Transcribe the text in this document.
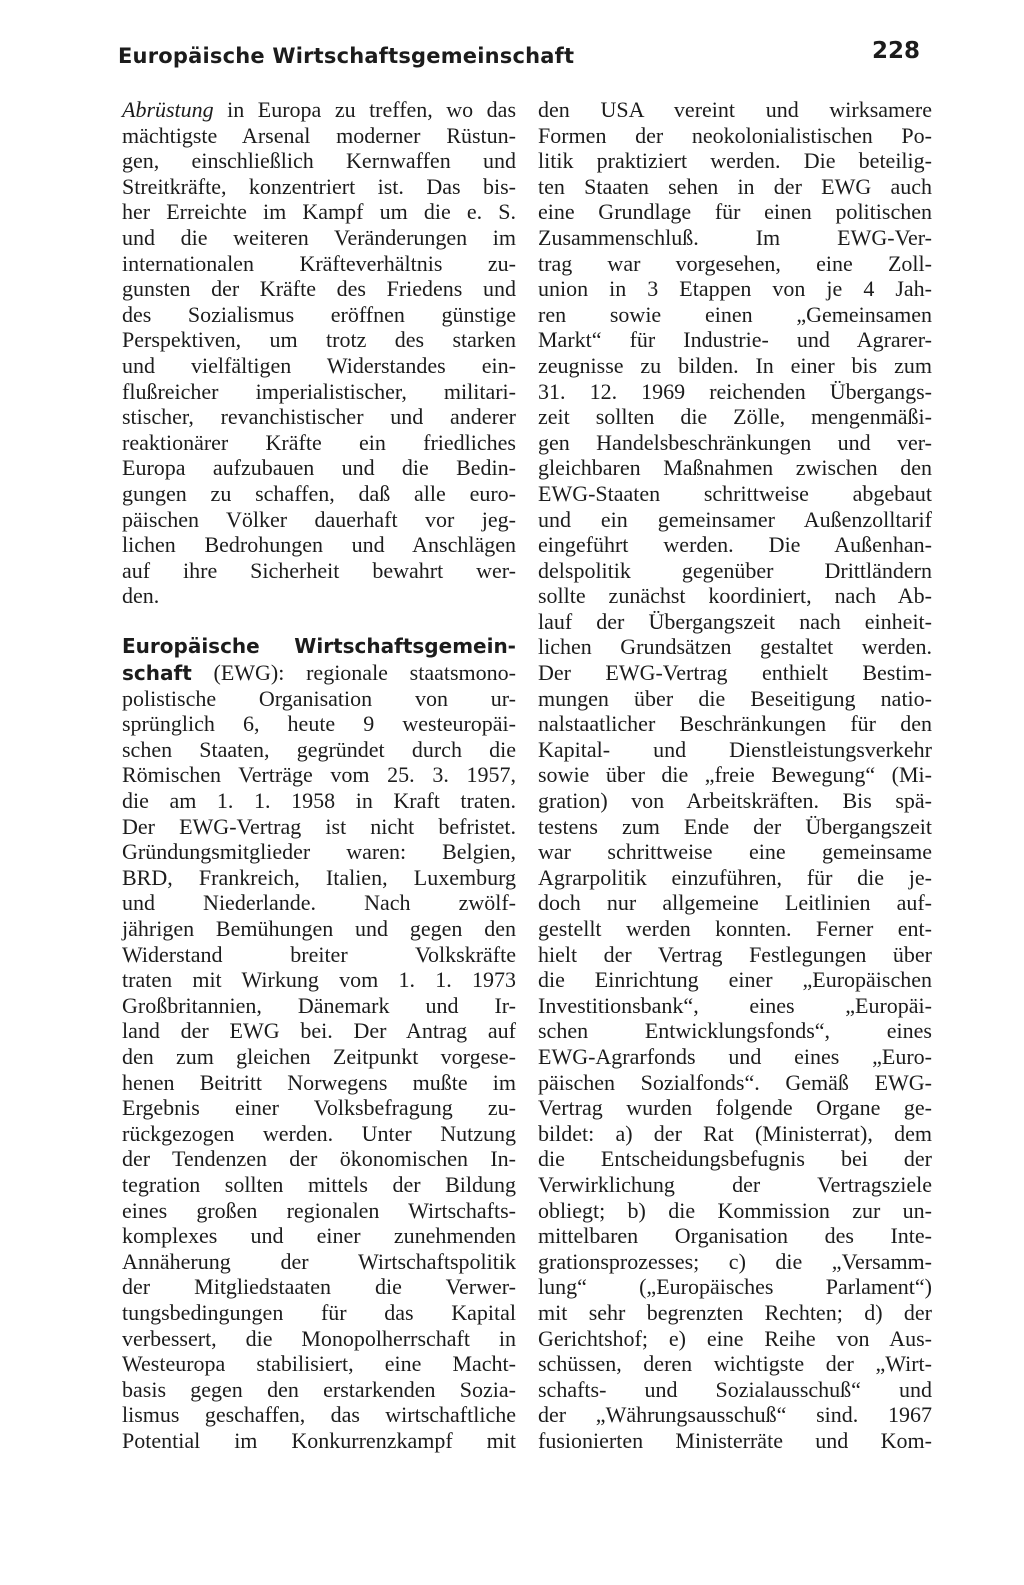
Europäische Wirtschaftsgemeinschaft	228
Abrüstung in Europa zu treffen, wo das
mächtigste Arsenal moderner Rüstun-
gen, einschließlich Kernwaffen und
Streitkräfte, konzentriert ist. Das bis-
her Erreichte im Kampf um die e. S.
und die weiteren Veränderungen im
internationalen Kräfteverhältnis zu-
gunsten der Kräfte des Friedens und
des Sozialismus eröffnen günstige
Perspektiven, um trotz des starken
und vielfältigen Widerstandes ein-
flußreicher imperialistischer, militari-
stischer, revanchistischer und anderer
reaktionärer Kräfte ein friedliches
Europa aufzubauen und die Bedin-
gungen zu schaffen, daß alle euro-
päischen Völker dauerhaft vor jeg-
lichen Bedrohungen und Anschlägen
auf ihre Sicherheit bewahrt wer-
den.
Europäische Wirtschaftsgemein-
schaft (EWG): regionale staatsmono-
polistische Organisation von ur-
sprünglich 6, heute 9 westeuropäi-
schen Staaten, gegründet durch die
Römischen Verträge vom 25. 3. 1957,
die am 1. 1. 1958 in Kraft traten.
Der EWG-Vertrag ist nicht befristet.
Gründungsmitglieder waren: Belgien,
BRD, Frankreich, Italien, Luxemburg
und Niederlande. Nach zwölf-
jährigen Bemühungen und gegen den
Widerstand breiter Volkskräfte
traten mit Wirkung vom 1. 1. 1973
Großbritannien, Dänemark und Ir-
land der EWG bei. Der Antrag auf
den zum gleichen Zeitpunkt vorgese-
henen Beitritt Norwegens mußte im
Ergebnis einer Volksbefragung zu-
rückgezogen werden. Unter Nutzung
der Tendenzen der ökonomischen In-
tegration sollten mittels der Bildung
eines großen regionalen Wirtschafts-
komplexes und einer zunehmenden
Annäherung der Wirtschaftspolitik
der Mitgliedstaaten die Verwer-
tungsbedingungen für das Kapital
verbessert, die Monopolherrschaft in
Westeuropa stabilisiert, eine Macht-
basis gegen den erstarkenden Sozia-
lismus geschaffen, das wirtschaftliche
Potential im Konkurrenzkampf mit
den USA vereint und wirksamere
Formen der neokolonialistischen Po-
litik praktiziert werden. Die beteilig-
ten Staaten sehen in der EWG auch
eine Grundlage für einen politischen
Zusammenschluß. Im EWG-Ver-
trag war vorgesehen, eine Zoll-
union in 3 Etappen von je 4 Jah-
ren sowie einen „Gemeinsamen
Markt“ für Industrie- und Agrarer-
zeugnisse zu bilden. In einer bis zum
31. 12. 1969 reichenden Übergangs-
zeit sollten die Zölle, mengenmäßi-
gen Handelsbeschränkungen und ver-
gleichbaren Maßnahmen zwischen den
EWG-Staaten schrittweise abgebaut
und ein gemeinsamer Außenzolltarif
eingeführt werden. Die Außenhan-
delspolitik gegenüber Drittländern
sollte zunächst koordiniert, nach Ab-
lauf der Übergangszeit nach einheit-
lichen Grundsätzen gestaltet werden.
Der EWG-Vertrag enthielt Bestim-
mungen über die Beseitigung natio-
nalstaatlicher Beschränkungen für den
Kapital- und Dienstleistungsverkehr
sowie über die „freie Bewegung“ (Mi-
gration) von Arbeitskräften. Bis spä-
testens zum Ende der Übergangszeit
war schrittweise eine gemeinsame
Agrarpolitik einzuführen, für die je-
doch nur allgemeine Leitlinien auf-
gestellt werden konnten. Ferner ent-
hielt der Vertrag Festlegungen über
die Einrichtung einer „Europäischen
Investitionsbank“, eines „Europäi-
schen Entwicklungsfonds“, eines
EWG-Agrarfonds und eines „Euro-
päischen Sozialfonds“. Gemäß EWG-
Vertrag wurden folgende Organe ge-
bildet: a) der Rat (Ministerrat), dem
die Entscheidungsbefugnis bei der
Verwirklichung der Vertragsziele
obliegt; b) die Kommission zur un-
mittelbaren Organisation des Inte-
grationsprozesses; c) die „Versamm-
lung“ („Europäisches Parlament“)
mit sehr begrenzten Rechten; d) der
Gerichtshof; e) eine Reihe von Aus-
schüssen, deren wichtigste der „Wirt-
schafts- und Sozialausschuß“ und
der „Währungsausschuß“ sind. 1967
fusionierten Ministerräte und Kom-
